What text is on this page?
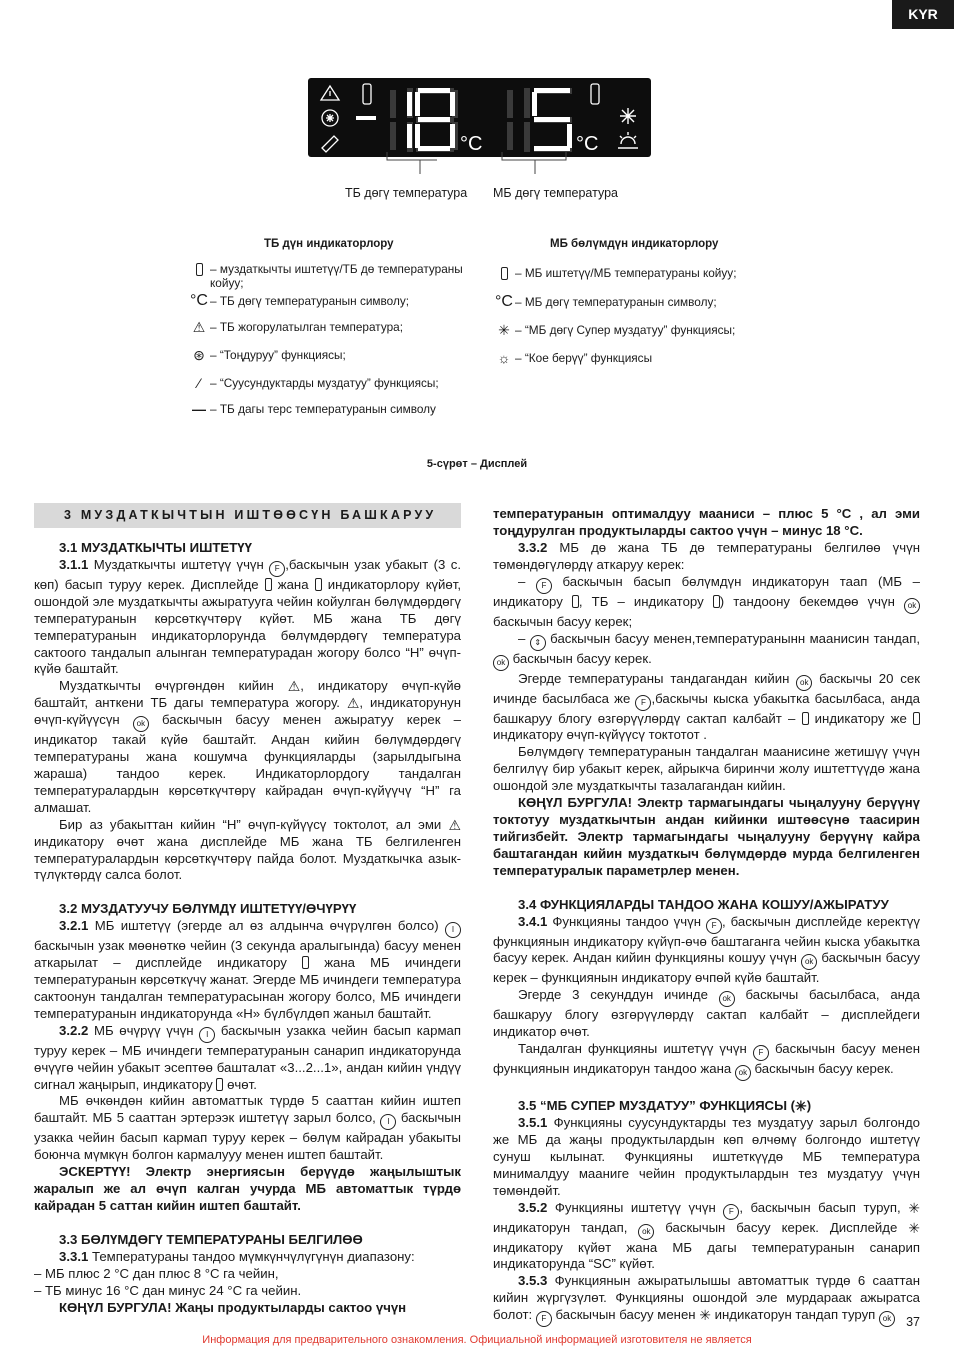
KYR
°C	°C
ТБ дөгү температура МБ дөгү температура
ТБ дүн индикаторлору	МБ бөлүмдүн индикаторлору
– муздаткычты иштетүү/ТБ дө температураны койуу;
°C – ТБ дөгү температуранын символу;
⚠ – ТБ жогорулатылган температура;
⊛ – “Тоңдуруу” функциясы;
⁄ – “Суусундуктарды муздатуу” функциясы;
— – ТБ дагы терс температуранын символу
– МБ иштетүү/МБ температураны койуу;
°C – МБ дөгү температуранын символу;
✳ – “МБ дөгү Супер муздатуу” функциясы;
☼ – “Кое берүү” функциясы
5-сүрөт – Дисплей
3 МУЗДАТКЫЧТЫН ИШТӨӨСҮН БАШКАРУУ

3.1 МУЗДАТКЫЧТЫ ИШТЕТҮҮ

3.1.1 Муздаткычты иштетүү үчүн F ,баскычын узак убакыт (3 с. көп) басып туруу керек. Дисплейде  жана  индикаторлору күйөт, ошондой эле муздаткычты ажыратууга чейин койулган бөлүмдөрдөгү температуранын көрсөткүчтөрү күйөт. МБ жана ТБ дөгү температуранын индикаторлорунда бөлүмдөрдөгү температура сактоого тандалып алынган температурадан жогору болсо “Н” өчүп-күйө баштайт.

Муздаткычты өчүргөндөн кийин ⚠, индикатору өчүп-күйө баштайт, анткени ТБ дагы температура жогору. ⚠, индикаторунун өчүп-күйүүсүн ok баскычын басуу менен ажыратуу керек – индикатор такай күйө баштайт. Андан кийин бөлүмдөрдөгү температураны жана кошумча функцияларды (зарылдыгына жараша) тандоо керек. Индикаторлордогу тандалган температуралардын көрсөткүчтөрү кайрадан өчүп-күйүүчү “Н” га алмашат.

Бир аз убакыттан кийин “Н” өчүп-күйүүсү токтолот, ал эми ⚠ индикатору өчөт жана дисплейде МБ жана ТБ белгиленген температуралардын көрсөткүчтөрү пайда болот. Муздаткычка азык-түлүктөрдү салса болот.

3.2 МУЗДАТУУЧУ БӨЛҮМДҮ ИШТЕТҮҮ/ӨЧҮРҮҮ

3.2.1 МБ иштетүү (эгерде ал өз алдынча өчүрүлгөн болсо) I баскычын узак мөөнөткө чейин (3 секунда аралыгында) басуу менен аткарылат – дисплейде индикатору  жана МБ ичиндеги температуранын көрсөткүчү жанат. Эгерде МБ ичиндеги температура сактоонун тандалган температурасынан жогору болсо, МБ ичиндеги температуранын индикаторунда «Н» бүлбүлдөп жаныл баштайт.

3.2.2 МБ өчүрүү үчүн I баскычын узакка чейин басып кармап туруу керек – МБ ичиндеги температуранын санарип индикаторунда өчүүгө чейин убакыт эсептөө башталат «3...2...1», андан кийин үндүү сигнал жаңырып, индикатору  өчөт.

МБ өчкөндөн кийин автоматтык түрдө 5 сааттан кийин иштеп баштайт. МБ 5 сааттан эртерээк иштетүү зарыл болсо, I баскычын узакка чейин басып кармап туруу керек – бөлүм кайрадан убакыты боюнча мүмкүн болгон кармалууу менен иштеп баштайт.

ЭСКЕРТҮҮ! Электр энергиясын берүүдө жаңылыштык жаралып же ал өчүп калган учурда МБ автоматтык түрдө кайрадан 5 саттан кийин иштеп баштайт.

3.3 БӨЛҮМДӨГҮ ТЕМПЕРАТУРАНЫ БЕЛГИЛӨӨ

3.3.1 Температураны тандоо мүмкүнчүлүгүнүн диапазону:

– МБ плюс 2 °С дан плюс 8 °С га чейин,

– ТБ минус 16 °С дан минус 24 °С га чейин.

КӨҢҮЛ БУРГУЛА! Жаңы продуктыларды сактоо үчүн

температуранын оптималдуу мааниси – плюс 5 °С , ал эми тоңдурулган продуктыларды сактоо үчүн – минус 18 °С.

3.3.2 МБ дө жана ТБ дө температураны белгилөө үчүн төмөндөгүлөрдү аткаруу керек:

– F баскычын басып бөлүмдүн индикаторун таап (МБ – индикатору , ТБ – индикатору ) тандоону бекемдөө үчүн ok баскычын басуу керек;

– ⇕ баскычын басуу менен,температуранынн маанисин тандап, ok баскычын басуу керек.

Эгерде температураны тандагандан кийин ok баскычы 20 сек ичинде басылбаса же F ,баскычы кыска убакытка басылбаса, анда башкаруу блогу өзгөрүүлөрдү сактап калбайт –  индикатору же  индикатору өчүп-күйүүсү токтотот .

Бөлүмдөгү температуранын тандалган маанисине жетишүү үчүн белгилүү бир убакыт керек, айрыкча биринчи жолу иштеттүүдө жана ошондой эле муздаткычты тазалагандан кийин.

КӨҢҮЛ БУРГУЛА! Электр тармагындагы чыңалууну берүүнү токтотуу муздаткычтын андан кийинки иштөөсүнө таасирин тийгизбейт. Электр тармагындагы чыңалууну берүүнү кайра баштагандан кийин муздаткыч бөлүмдөрдө мурда белгиленген температуралык параметрлер менен.

3.4 ФУНКЦИЯЛАРДЫ ТАНДОО ЖАНА КОШУУ/АЖЫРАТУУ

3.4.1 Функцияны тандоо үчүн F , баскычын дисплейде керектүү функциянын индикатору күйүп-өчө баштаганга чейин кыска убакытка басуу керек. Андан кийин функцияны кошуу үчүн ok баскычын басуу керек – функциянын индикатору өчпөй күйө баштайт.

Эгерде 3 секунддун ичинде ok баскычы басылбаса, анда башкаруу блогу өзгөрүүлөрдү сактап калбайт – дисплейдеги индикатор өчөт.

Тандалган функцияны иштетүү үчүн F баскычын басуу менен функциянын индикаторун тандоо жана ok баскычын басуу керек.

3.5 “МБ СУПЕР МУЗДАТУУ” ФУНКЦИЯСЫ (✳)

3.5.1 Функцияны суусундуктарды тез муздатуу зарыл болгондо же МБ да жаңы продуктылардын көп өлчөмү болгондо иштетүү сунуш кылынат. Функцияны иштеткүүдө МБ температура минималдуу мааниге чейин продуктылардын тез муздатуу үчүн төмөндөйт.

3.5.2 Функцияны иштетүү үчүн F , баскычын басып туруп, ✳ индикаторун тандап, ok баскычын басуу керек. Дисплейде ✳ индикатору күйөт жана МБ дагы температуранын санарип индикаторунда “SC” күйөт.

3.5.3 Функциянын ажыратылышы автоматтык түрдө 6 сааттан кийин жүргүзүлөт. Функцияны ошондой эле мурдараак ажыратса болот: F баскычын басуу менен ✳ индикаторун тандап туруп ok	37
Информация для предварительного ознакомления. Официальной информацией изготовителя не является
